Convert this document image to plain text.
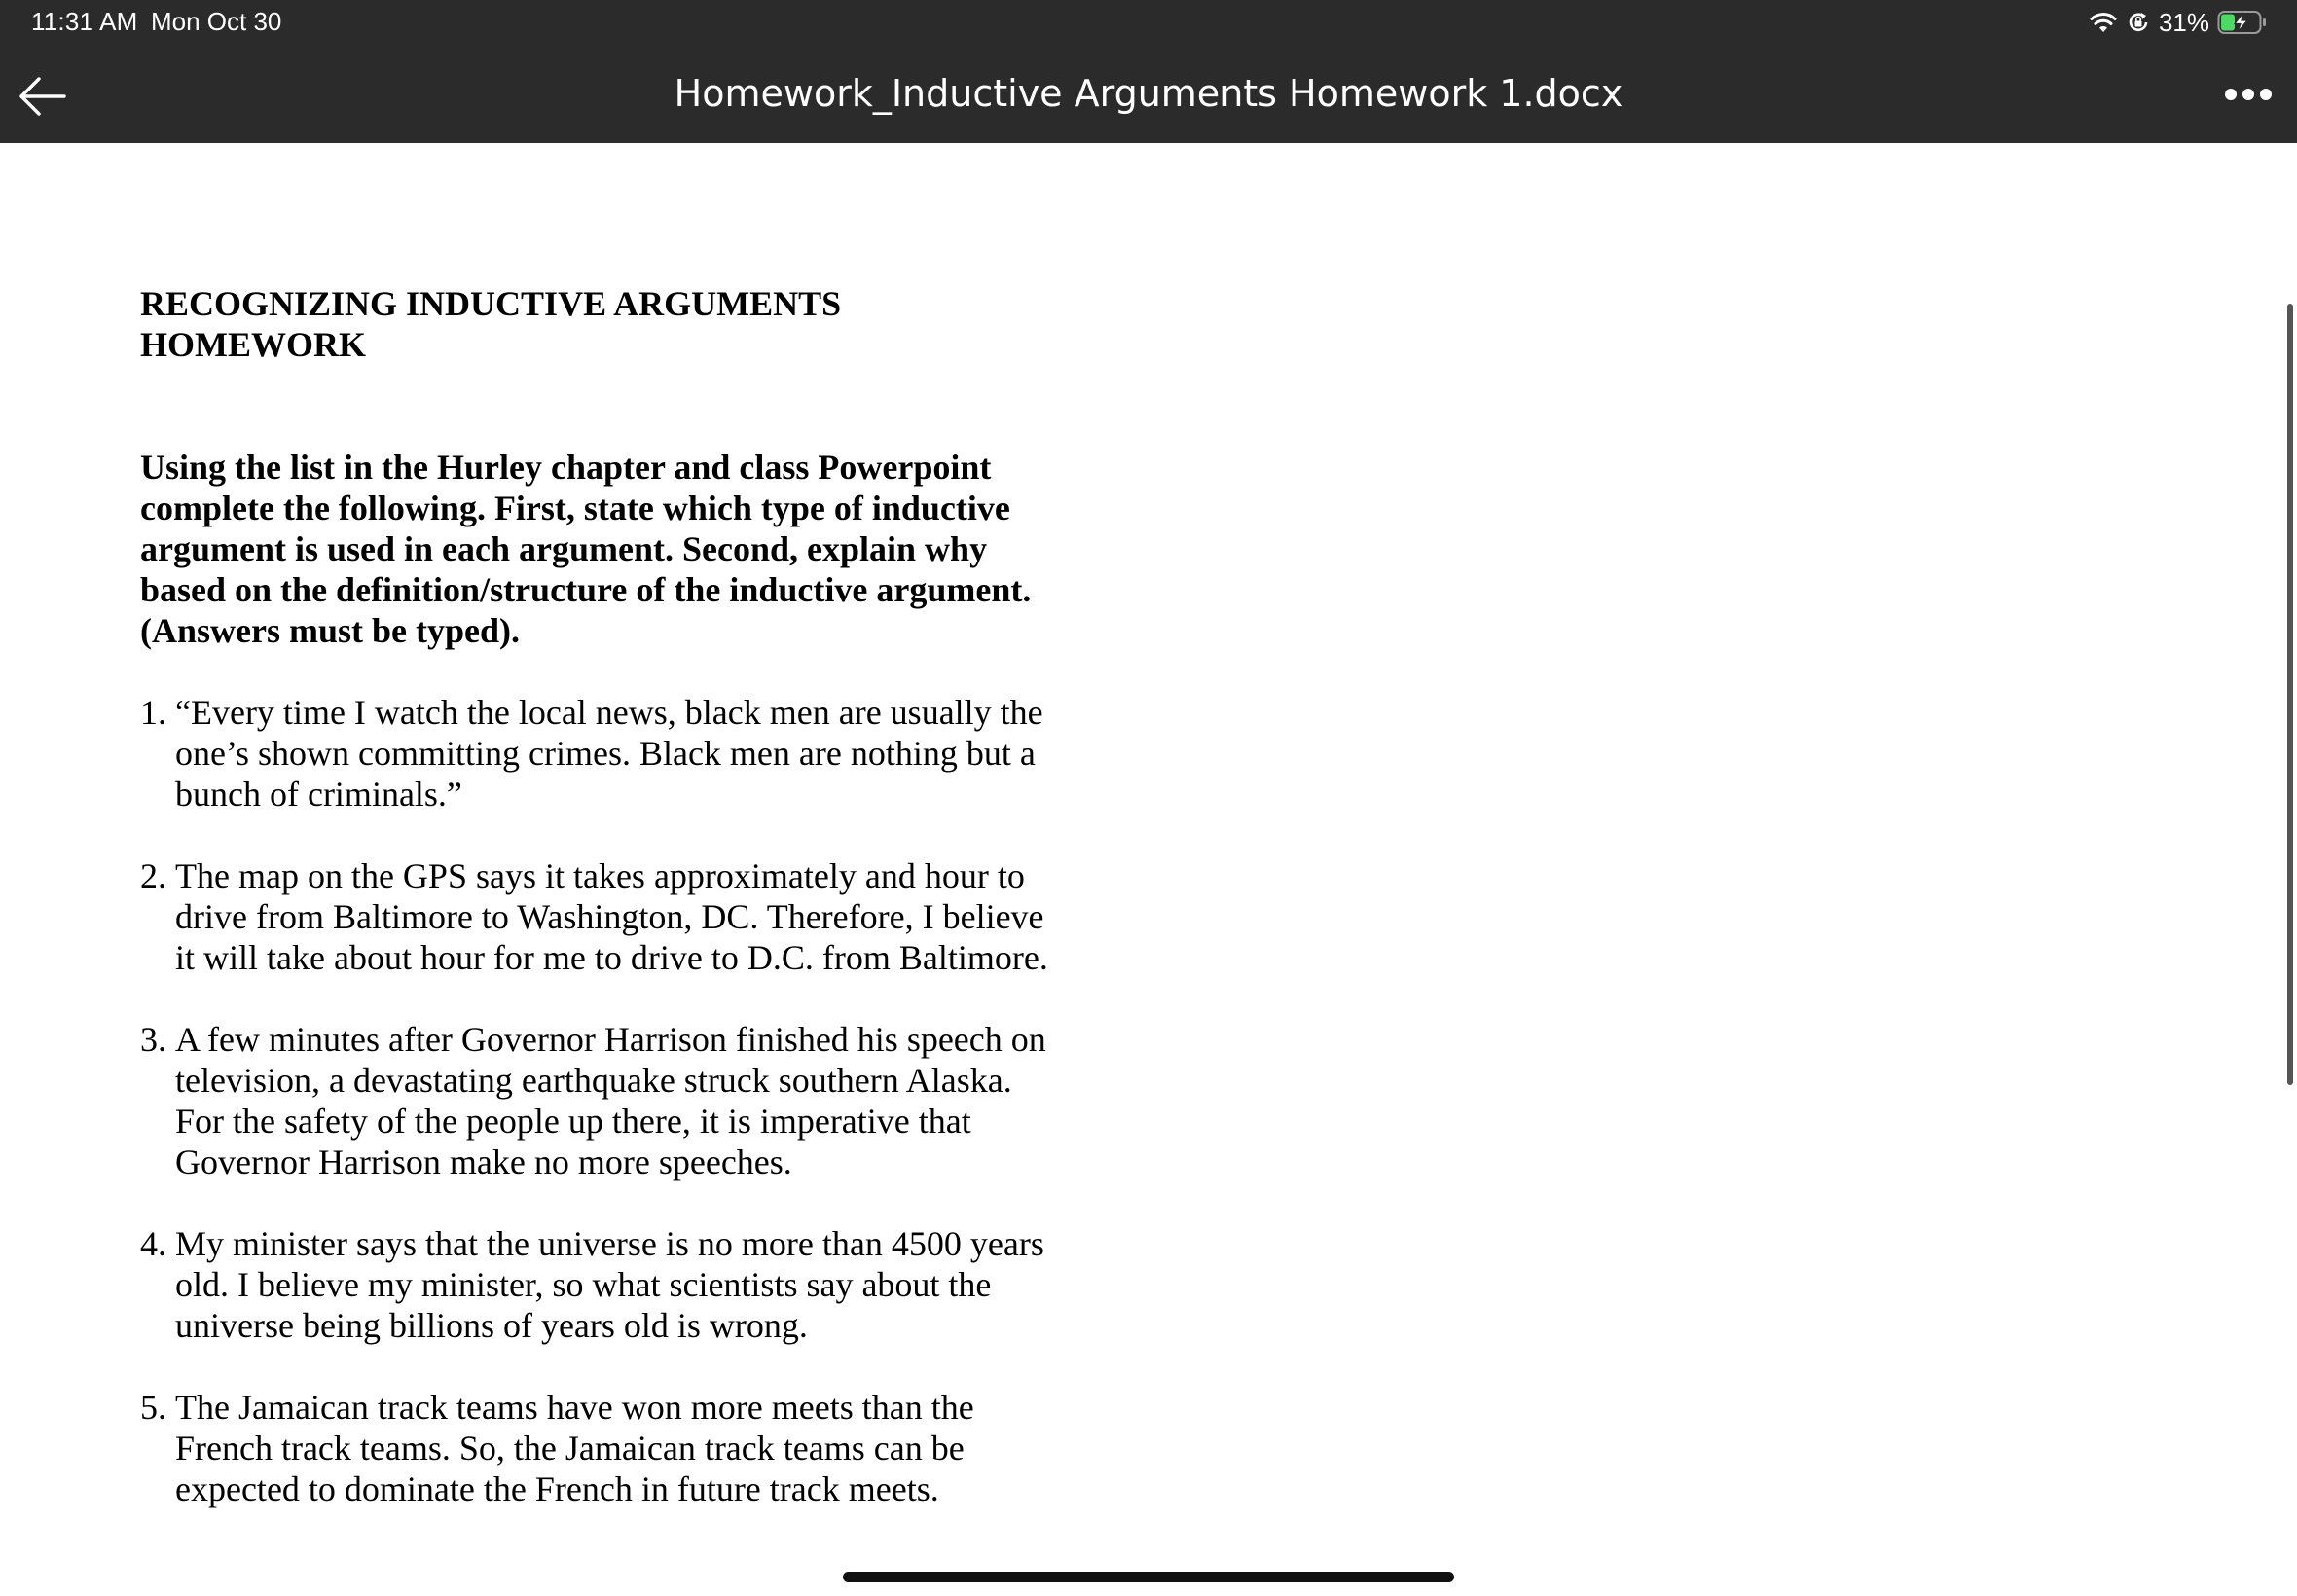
11:31 AM Mon Oct 30	31%
Homework_Inductive Arguments Homework 1.docx

RECOGNIZING INDUCTIVE ARGUMENTS HOMEWORK

Using the list in the Hurley chapter and class Powerpoint complete the following. First, state which type of inductive argument is used in each argument. Second, explain why based on the definition/structure of the inductive argument. (Answers must be typed).

1. “Every time I watch the local news, black men are usually the one’s shown committing crimes. Black men are nothing but a bunch of criminals.”
2. The map on the GPS says it takes approximately and hour to drive from Baltimore to Washington, DC. Therefore, I believe it will take about hour for me to drive to D.C. from Baltimore.
3. A few minutes after Governor Harrison finished his speech on television, a devastating earthquake struck southern Alaska. For the safety of the people up there, it is imperative that Governor Harrison make no more speeches.
4. My minister says that the universe is no more than 4500 years old. I believe my minister, so what scientists say about the universe being billions of years old is wrong.
5. The Jamaican track teams have won more meets than the French track teams. So, the Jamaican track teams can be expected to dominate the French in future track meets.
